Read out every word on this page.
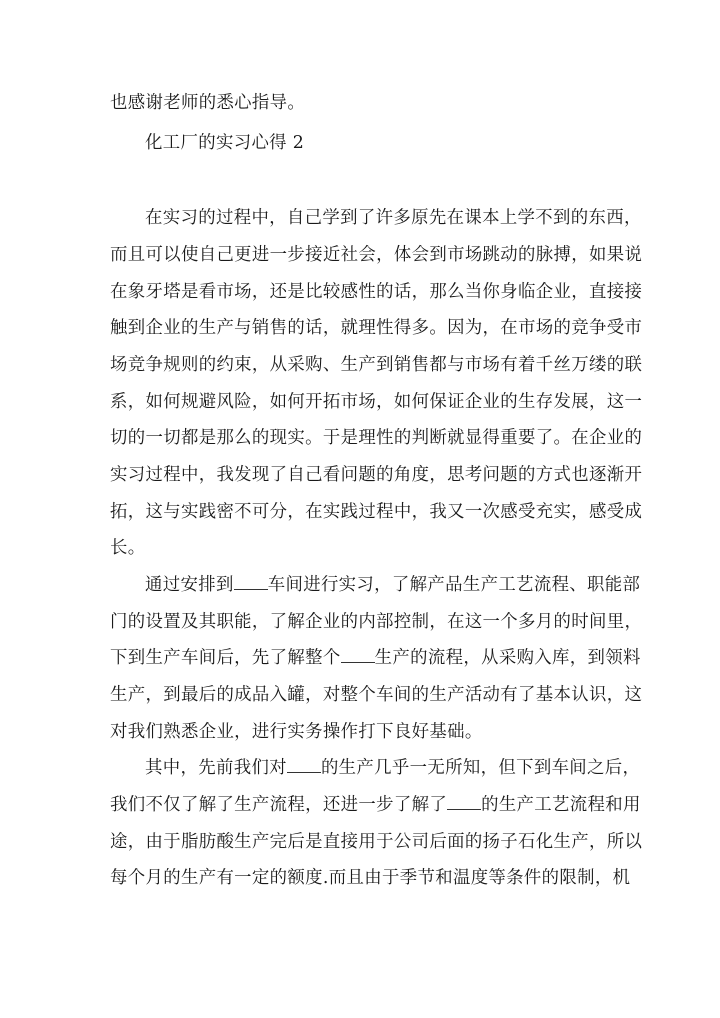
也感谢老师的悉心指导。
化工厂的实习心得 2
在实习的过程中，自己学到了许多原先在课本上学不到的东西，
而且可以使自己更进一步接近社会，体会到市场跳动的脉搏，如果说
在象牙塔是看市场，还是比较感性的话，那么当你身临企业，直接接
触到企业的生产与销售的话，就理性得多。因为，在市场的竞争受市
场竞争规则的约束，从采购、生产到销售都与市场有着千丝万缕的联
系，如何规避风险，如何开拓市场，如何保证企业的生存发展，这一
切的一切都是那么的现实。于是理性的判断就显得重要了。在企业的
实习过程中，我发现了自己看问题的角度，思考问题的方式也逐渐开
拓，这与实践密不可分，在实践过程中，我又一次感受充实，感受成
长。
通过安排到 车间进行实习，了解产品生产工艺流程、职能部
门的设置及其职能，了解企业的内部控制，在这一个多月的时间里，
下到生产车间后，先了解整个 生产的流程，从采购入库，到领料
生产，到最后的成品入罐，对整个车间的生产活动有了基本认识，这
对我们熟悉企业，进行实务操作打下良好基础。
其中，先前我们对 的生产几乎一无所知，但下到车间之后，
我们不仅了解了生产流程，还进一步了解了 的生产工艺流程和用
途，由于脂肪酸生产完后是直接用于公司后面的扬子石化生产，所以
每个月的生产有一定的额度.而且由于季节和温度等条件的限制，机
